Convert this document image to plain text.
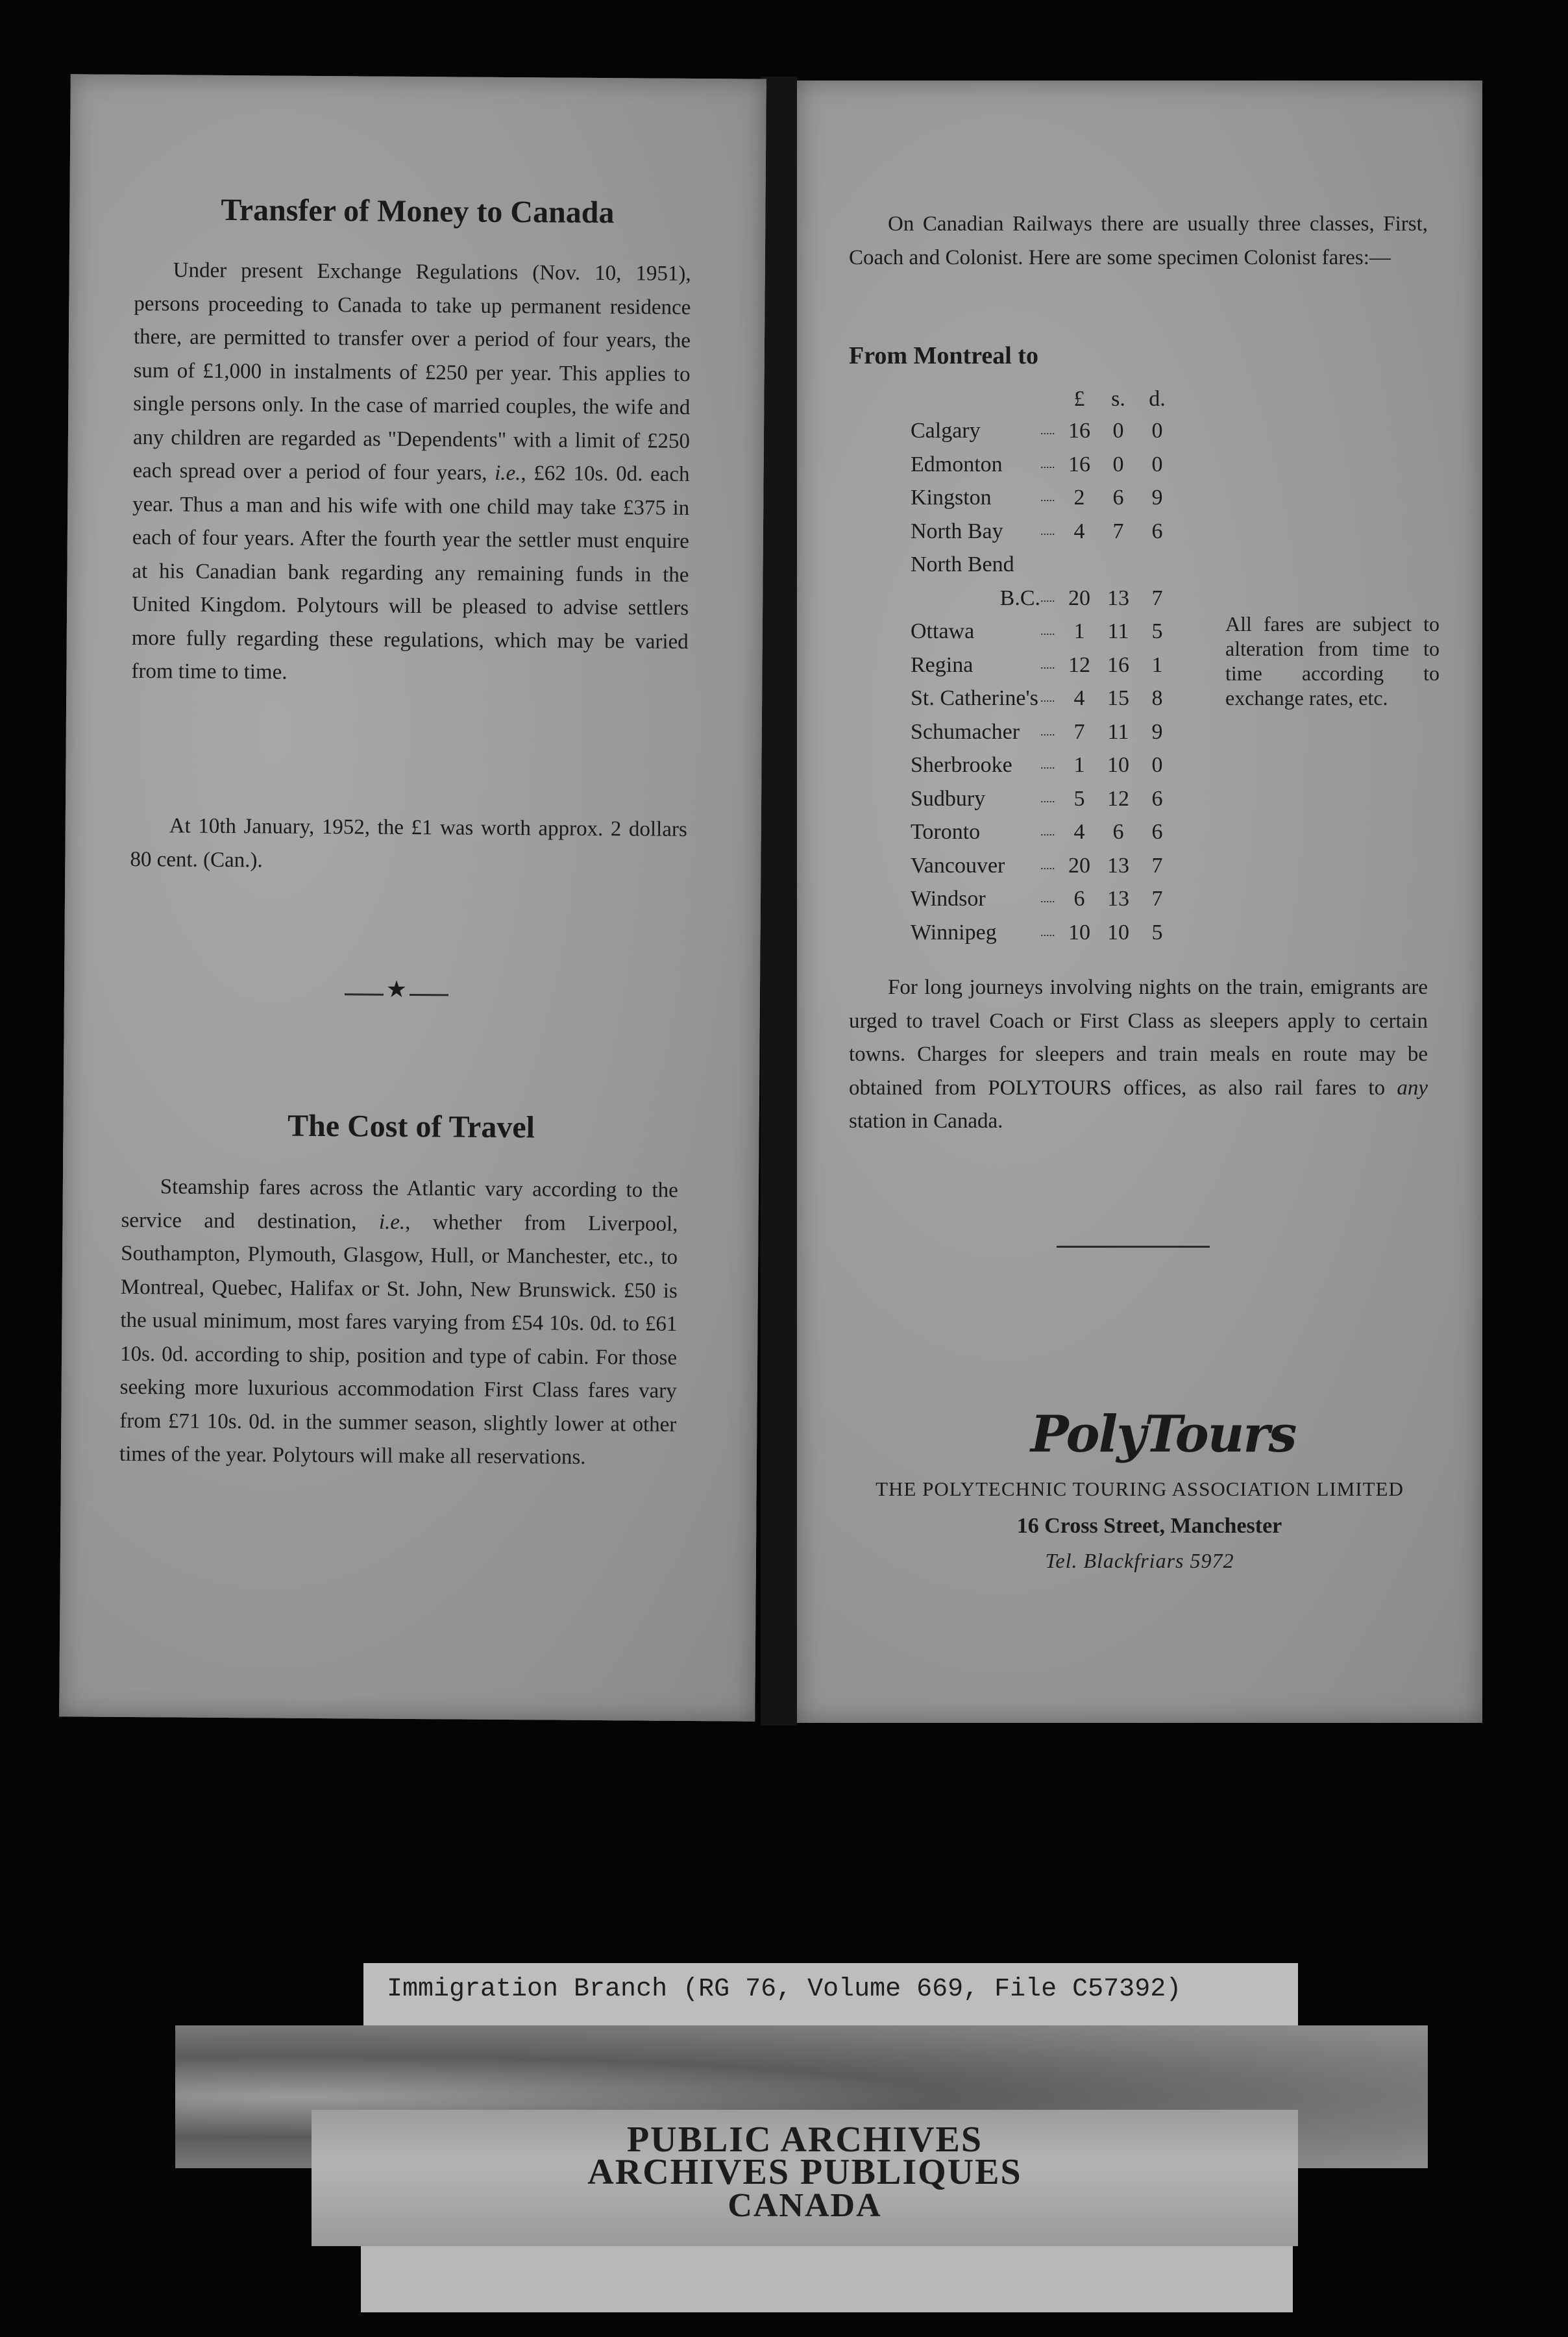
Transfer of Money to Canada

Under present Exchange Regulations (Nov. 10, 1951), persons proceeding to Canada to take up permanent residence there, are permitted to transfer over a period of four years, the sum of £1,000 in instalments of £250 per year. This applies to single persons only. In the case of married couples, the wife and any children are regarded as "Dependents" with a limit of £250 each spread over a period of four years, i.e., £62 10s. 0d. each year. Thus a man and his wife with one child may take £375 in each of four years. After the fourth year the settler must enquire at his Canadian bank regarding any remaining funds in the United Kingdom. Polytours will be pleased to advise settlers more fully regarding these regulations, which may be varied from time to time.

At 10th January, 1952, the £1 was worth approx. 2 dollars 80 cent. (Can.).

★
The Cost of Travel

Steamship fares across the Atlantic vary according to the service and destination, i.e., whether from Liverpool, Southampton, Plymouth, Glasgow, Hull, or Manchester, etc., to Montreal, Quebec, Halifax or St. John, New Brunswick. £50 is the usual minimum, most fares varying from £54 10s. 0d. to £61 10s. 0d. according to ship, position and type of cabin. For those seeking more luxurious accommodation First Class fares vary from £71 10s. 0d. in the summer season, slightly lower at other times of the year. Polytours will make all reservations.

On Canadian Railways there are usually three classes, First, Coach and Colonist. Here are some specimen Colonist fares:—

From Montreal to
		£	s.	d.
Calgary	.....	16	0	0
Edmonton	.....	16	0	0
Kingston	.....	2	6	9
North Bay	.....	4	7	6
North Bend				
B.C.	.....	20	13	7
Ottawa	.....	1	11	5
Regina	.....	12	16	1
St. Catherine's	.....	4	15	8
Schumacher	.....	7	11	9
Sherbrooke	.....	1	10	0
Sudbury	.....	5	12	6
Toronto	.....	4	6	6
Vancouver	.....	20	13	7
Windsor	.....	6	13	7
Winnipeg	.....	10	10	5
All fares are subject to alteration from time to time according to exchange rates, etc.

For long journeys involving nights on the train, emigrants are urged to travel Coach or First Class as sleepers apply to certain towns. Charges for sleepers and train meals en route may be obtained from POLYTOURS offices, as also rail fares to any station in Canada.

PolyTours
THE POLYTECHNIC TOURING ASSOCIATION LIMITED
16 Cross Street, Manchester
Tel. Blackfriars 5972
Immigration Branch (RG 76, Volume 669, File C57392)
PUBLIC ARCHIVES
ARCHIVES PUBLIQUES
CANADA
